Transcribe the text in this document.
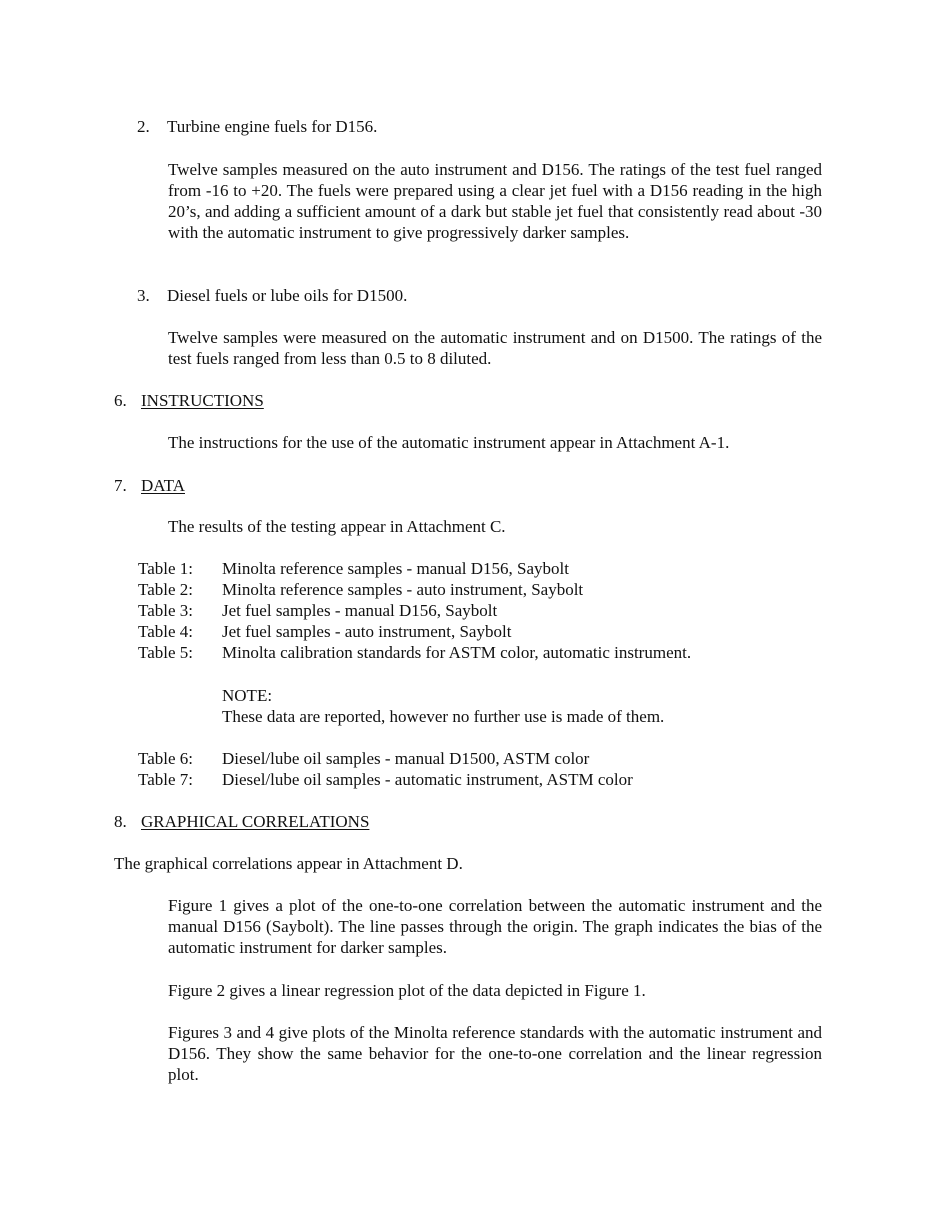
2. Turbine engine fuels for D156.
Twelve samples measured on the auto instrument and D156. The ratings of the test fuel ranged from -16 to +20. The fuels were prepared using a clear jet fuel with a D156 reading in the high 20’s, and adding a sufficient amount of a dark but stable jet fuel that consistently read about -30 with the automatic instrument to give progressively darker samples.
3. Diesel fuels or lube oils for D1500.
Twelve samples were measured on the automatic instrument and on D1500. The ratings of the test fuels ranged from less than 0.5 to 8 diluted.
6. INSTRUCTIONS
The instructions for the use of the automatic instrument appear in Attachment A-1.
7. DATA
The results of the testing appear in Attachment C.
Table 1: Minolta reference samples - manual D156, Saybolt
Table 2: Minolta reference samples - auto instrument, Saybolt
Table 3: Jet fuel samples - manual D156, Saybolt
Table 4: Jet fuel samples - auto instrument, Saybolt
Table 5: Minolta calibration standards for ASTM color, automatic instrument.
NOTE:
These data are reported, however no further use is made of them.
Table 6: Diesel/lube oil samples - manual D1500, ASTM color
Table 7: Diesel/lube oil samples - automatic instrument, ASTM color
8. GRAPHICAL CORRELATIONS
The graphical correlations appear in Attachment D.
Figure 1 gives a plot of the one-to-one correlation between the automatic instrument and the manual D156 (Saybolt). The line passes through the origin. The graph indicates the bias of the automatic instrument for darker samples.
Figure 2 gives a linear regression plot of the data depicted in Figure 1.
Figures 3 and 4 give plots of the Minolta reference standards with the automatic instrument and D156. They show the same behavior for the one-to-one correlation and the linear regression plot.
